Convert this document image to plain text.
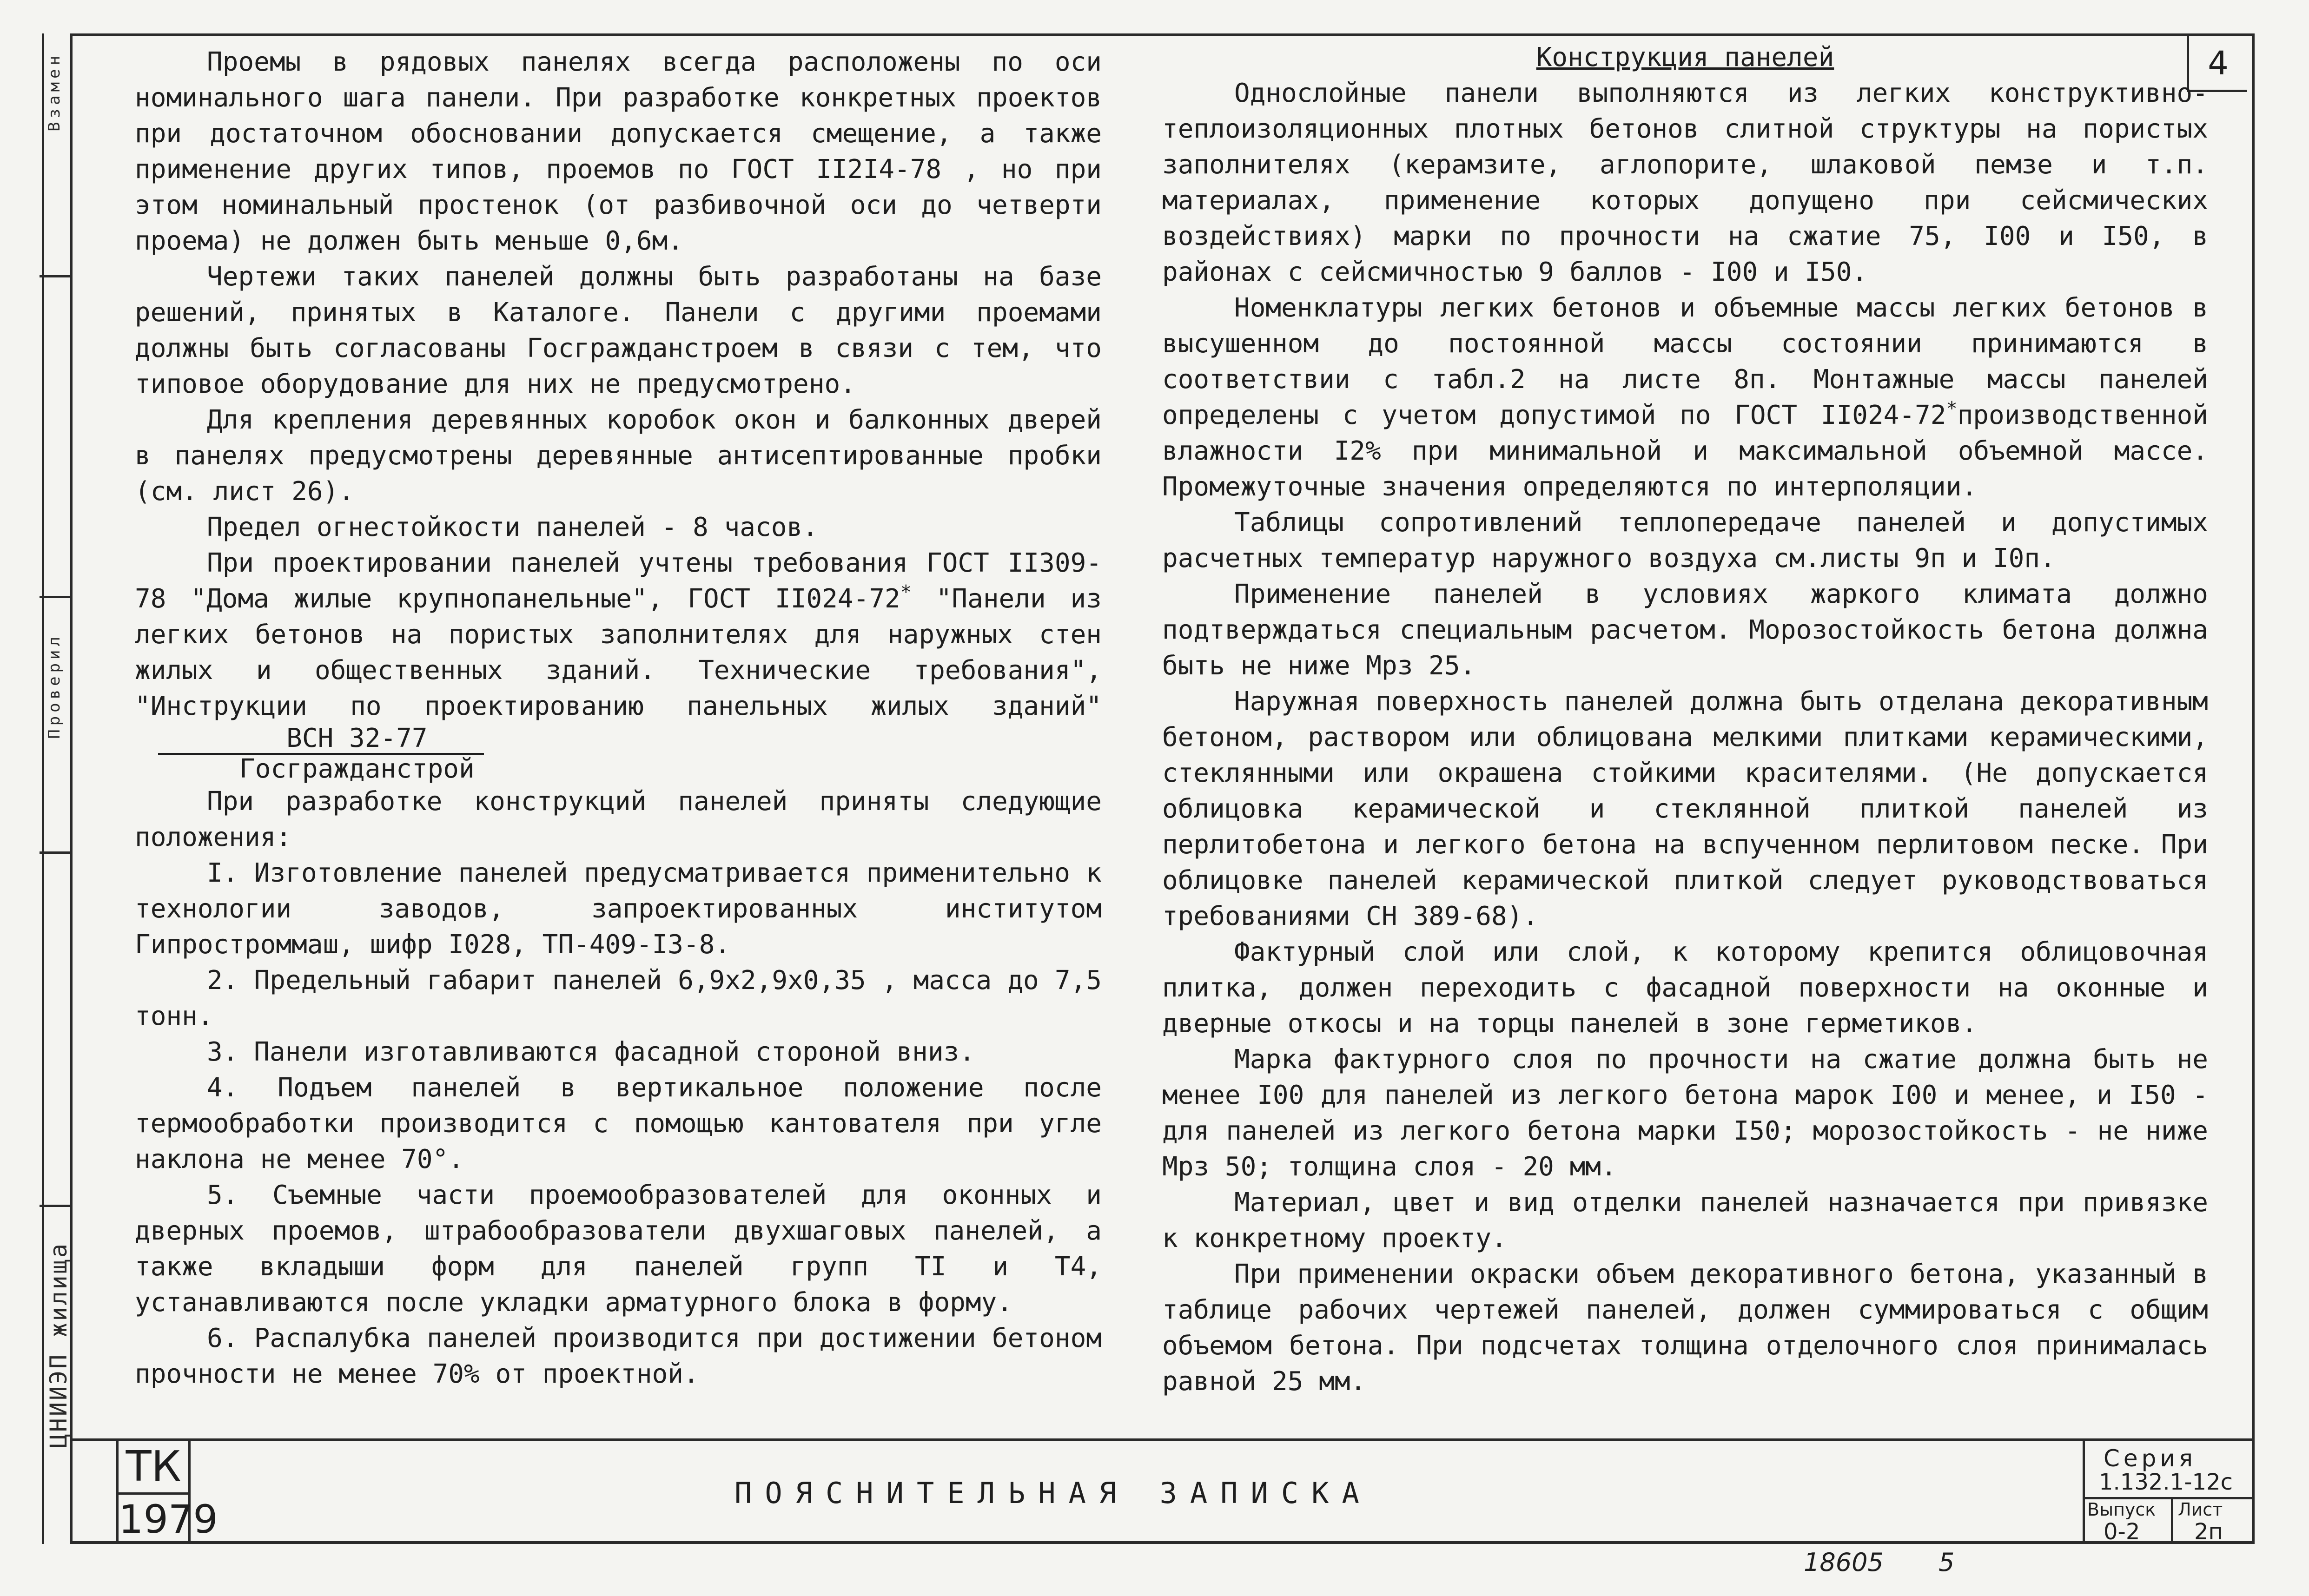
Взамен
Проверил
ЦНИИЭП жилища
4

Проемы в рядовых панелях всегда расположены по оси номинального шага панели. При разработке конкретных проектов при достаточном обосновании допускается смещение, а также применение других типов, проемов по ГОСТ II2I4-78 , но при этом номинальный простенок (от разбивочной оси до четверти проема) не должен быть меньше 0,6м.

Чертежи таких панелей должны быть разработаны на базе решений, принятых в Каталоге. Панели с другими проемами должны быть согласованы Госгражданстроем в связи с тем, что типовое оборудование для них не предусмотрено.

Для крепления деревянных коробок окон и балконных дверей в панелях предусмотрены деревянные антисептированные пробки (см. лист 26).

Предел огнестойкости панелей - 8 часов.

При проектировании панелей учтены требования ГОСТ II309-78 "Дома жилые крупнопанельные", ГОСТ II024-72* "Панели из легких бетонов на пористых заполнителях для наружных стен жилых и общественных зданий. Технические требования", "Инструкции по проектированию панельных жилых зданий"
$\frac{\text{ВСН 32-77}}{\text{Госгражданстрой}}$

При разработке конструкций панелей приняты следующие положения:

I. Изготовление панелей предусматривается применительно к технологии заводов, запроектированных институтом Гипростроммаш, шифр I028, ТП-409-I3-8.

2. Предельный габарит панелей 6,9x2,9x0,35 , масса до 7,5 тонн.

3. Панели изготавливаются фасадной стороной вниз.

4. Подъем панелей в вертикальное положение после термообработки производится с помощью кантователя при угле наклона не менее 70°.

5. Съемные части проемообразователей для оконных и дверных проемов, штрабообразователи двухшаговых панелей, а также вкладыши форм для панелей групп TI и Т4, устанавливаются после укладки арматурного блока в форму.

6. Распалубка панелей производится при достижении бетоном прочности не менее 70% от проектной.

Конструкция панелей

Однослойные панели выполняются из легких конструктивно-теплоизоляционных плотных бетонов слитной структуры на пористых заполнителях (керамзите, аглопорите, шлаковой пемзе и т.п. материалах, применение которых допущено при сейсмических воздействиях) марки по прочности на сжатие 75, I00 и I50, в районах с сейсмичностью 9 баллов - I00 и I50.

Номенклатуры легких бетонов и объемные массы легких бетонов в высушенном до постоянной массы состоянии принимаются в соответствии с табл.2 на листе 8п. Монтажные массы панелей определены с учетом допустимой по ГОСТ II024-72*производственной влажности I2% при минимальной и максимальной объемной массе. Промежуточные значения определяются по интерполяции.

Таблицы сопротивлений теплопередаче панелей и допустимых расчетных температур наружного воздуха см.листы 9п и I0п.

Применение панелей в условиях жаркого климата должно подтверждаться специальным расчетом. Морозостойкость бетона должна быть не ниже Мрз 25.

Наружная поверхность панелей должна быть отделана декоративным бетоном, раствором или облицована мелкими плитками керамическими, стеклянными или окрашена стойкими красителями. (Не допускается облицовка керамической и стеклянной плиткой панелей из перлитобетона и легкого бетона на вспученном перлитовом песке. При облицовке панелей керамической плиткой следует руководствоваться требованиями СН 389-68).

Фактурный слой или слой, к которому крепится облицовочная плитка, должен переходить с фасадной поверхности на оконные и дверные откосы и на торцы панелей в зоне герметиков.

Марка фактурного слоя по прочности на сжатие должна быть не менее I00 для панелей из легкого бетона марок I00 и менее, и I50 - для панелей из легкого бетона марки I50; морозостойкость - не ниже Мрз 50; толщина слоя - 20 мм.

Материал, цвет и вид отделки панелей назначается при привязке к конкретному проекту.

При применении окраски объем декоративного бетона, указанный в таблице рабочих чертежей панелей, должен суммироваться с общим объемом бетона. При подсчетах толщина отделочного слоя принималась равной 25 мм.

ТК
1979
ПОЯСНИТЕЛЬНАЯ ЗАПИСКА
Серия
1.132.1-12с
Выпуск Лист
0-2 2п
18605 5
